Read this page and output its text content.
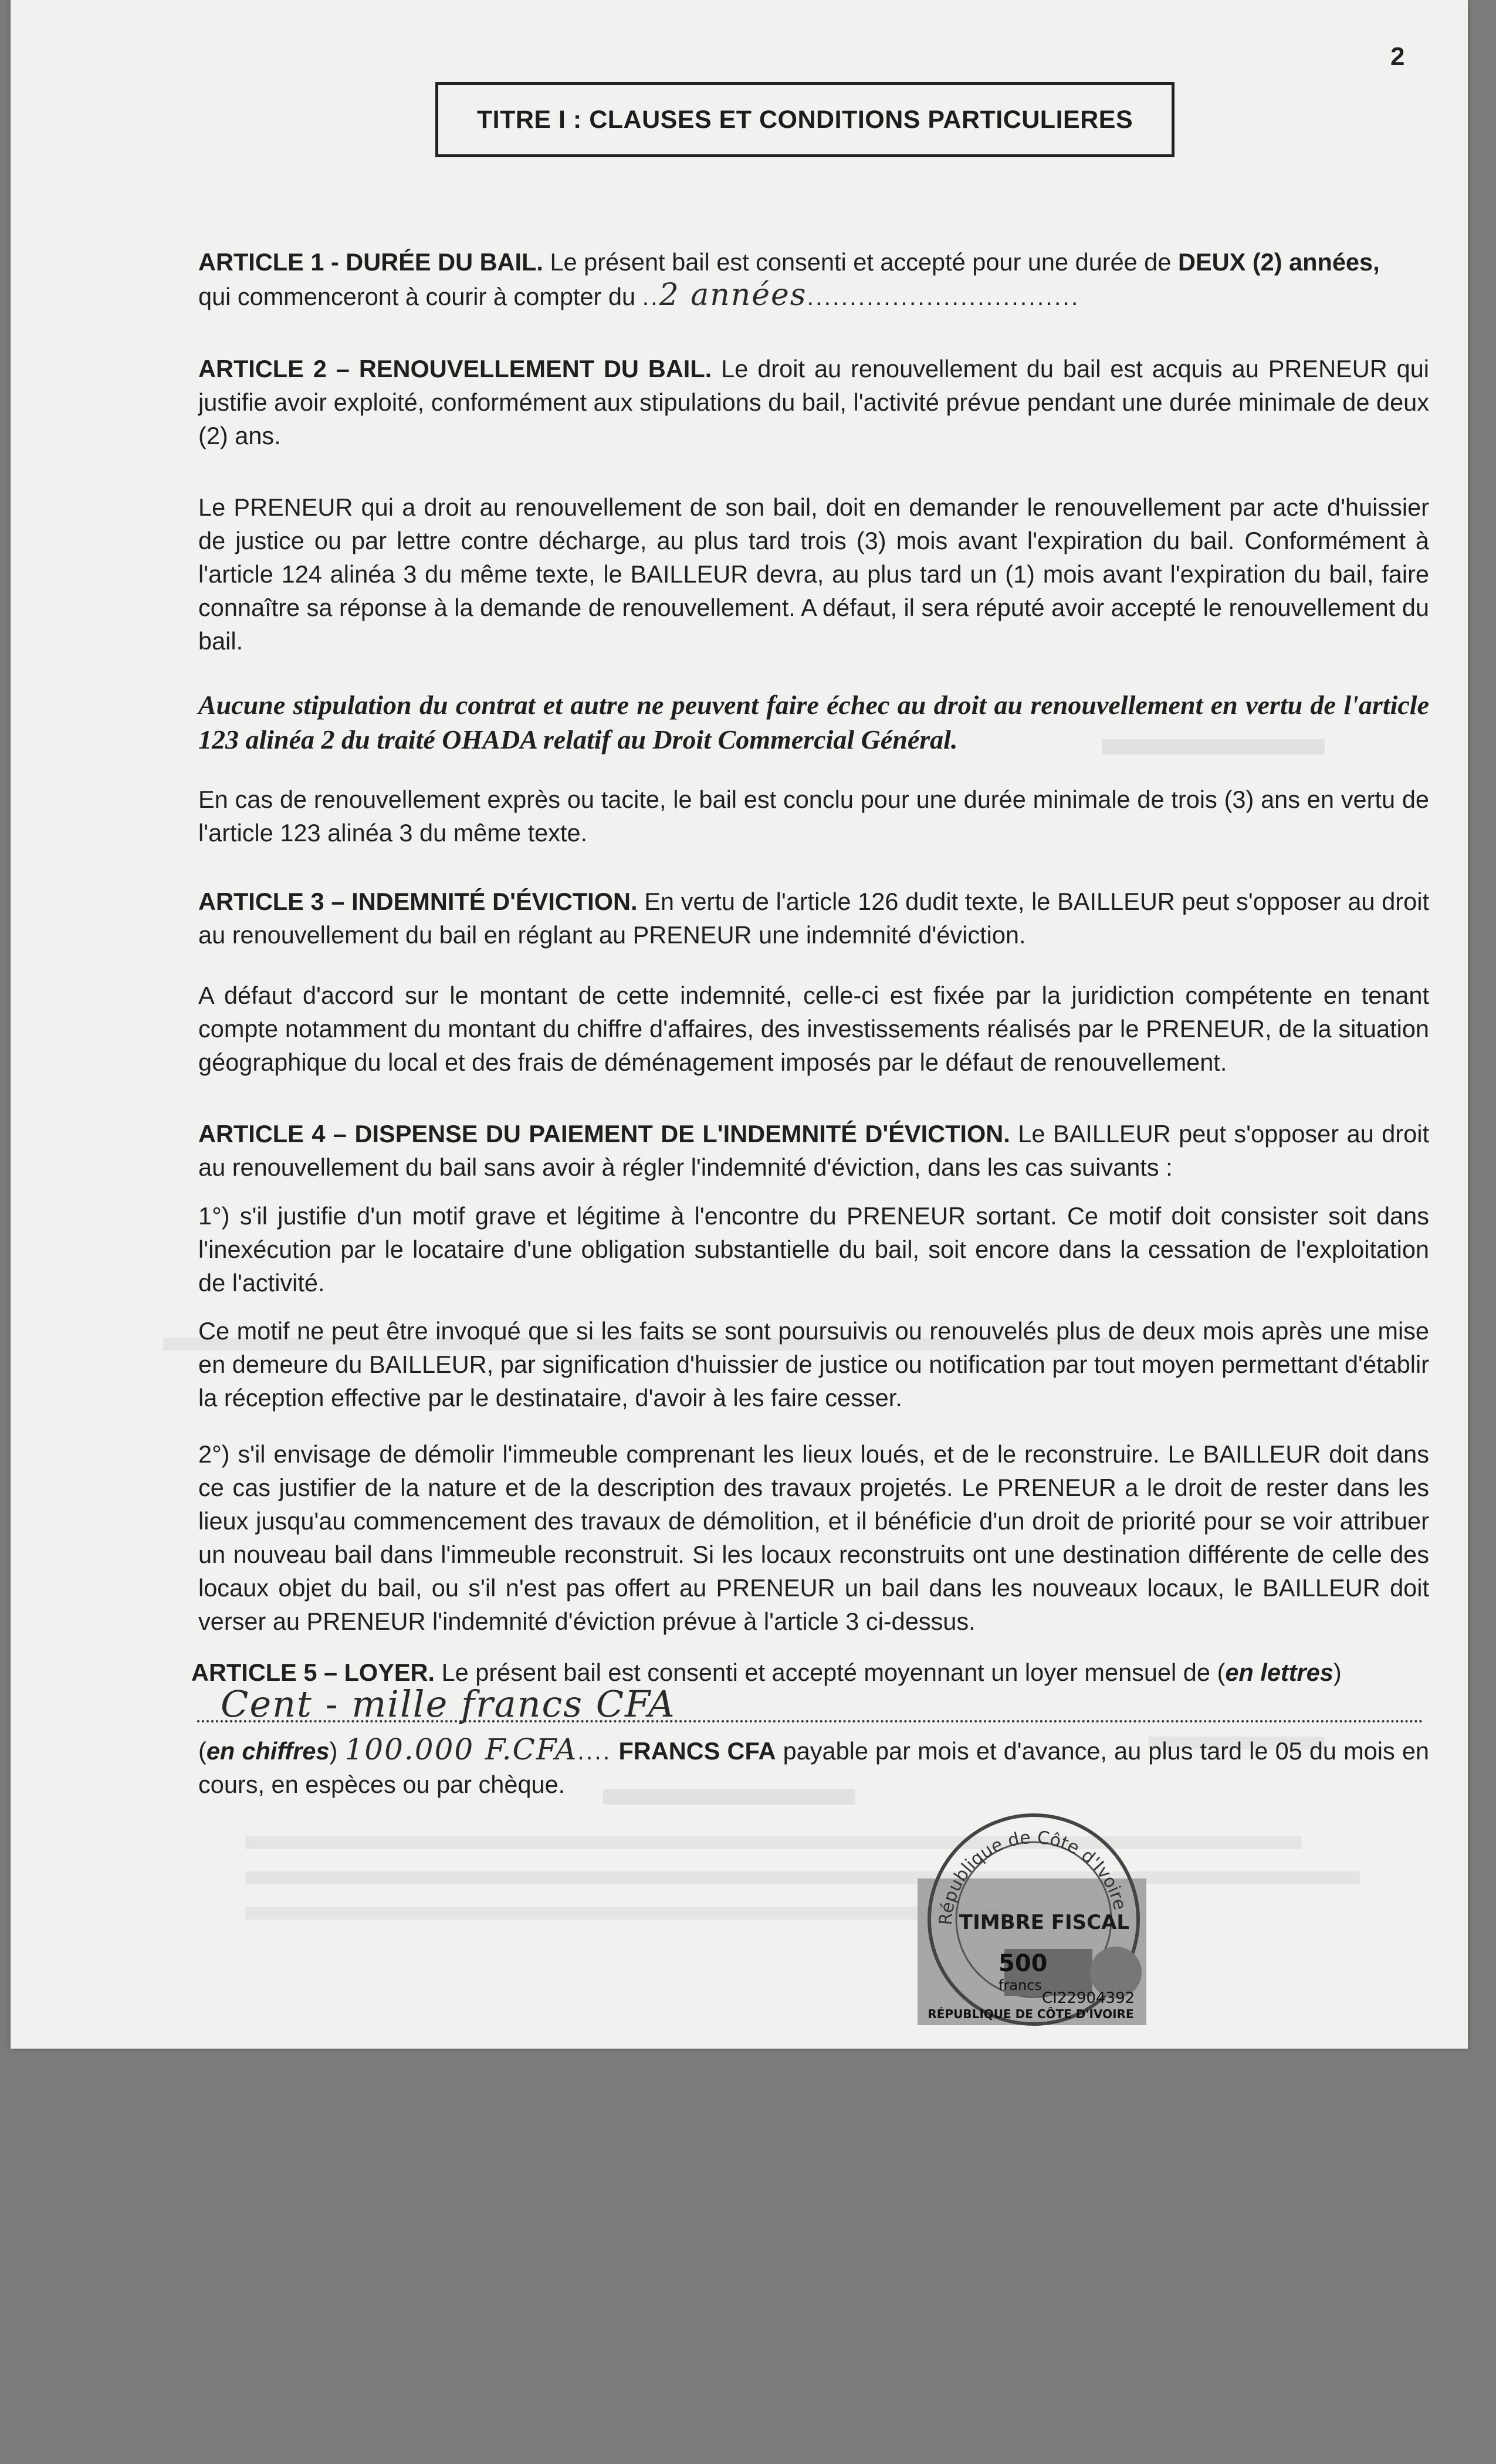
2
TITRE I : CLAUSES ET CONDITIONS PARTICULIERES
ARTICLE 1 - DURÉE DU BAIL. Le présent bail est consenti et accepté pour une durée de DEUX (2) années,
qui commenceront à courir à compter du ..2 années................................
ARTICLE 2 – RENOUVELLEMENT DU BAIL. Le droit au renouvellement du bail est acquis au PRENEUR qui justifie avoir exploité, conformément aux stipulations du bail, l'activité prévue pendant une durée minimale de deux (2) ans.
Le PRENEUR qui a droit au renouvellement de son bail, doit en demander le renouvellement par acte d'huissier de justice ou par lettre contre décharge, au plus tard trois (3) mois avant l'expiration du bail. Conformément à l'article 124 alinéa 3 du même texte, le BAILLEUR devra, au plus tard un (1) mois avant l'expiration du bail, faire connaître sa réponse à la demande de renouvellement. A défaut, il sera réputé avoir accepté le renouvellement du bail.
Aucune stipulation du contrat et autre ne peuvent faire échec au droit au renouvellement en vertu de l'article 123 alinéa 2 du traité OHADA relatif au Droit Commercial Général.
En cas de renouvellement exprès ou tacite, le bail est conclu pour une durée minimale de trois (3) ans en vertu de l'article 123 alinéa 3 du même texte.
ARTICLE 3 – INDEMNITÉ D'ÉVICTION. En vertu de l'article 126 dudit texte, le BAILLEUR peut s'opposer au droit au renouvellement du bail en réglant au PRENEUR une indemnité d'éviction.
A défaut d'accord sur le montant de cette indemnité, celle-ci est fixée par la juridiction compétente en tenant compte notamment du montant du chiffre d'affaires, des investissements réalisés par le PRENEUR, de la situation géographique du local et des frais de déménagement imposés par le défaut de renouvellement.
ARTICLE 4 – DISPENSE DU PAIEMENT DE L'INDEMNITÉ D'ÉVICTION. Le BAILLEUR peut s'opposer au droit au renouvellement du bail sans avoir à régler l'indemnité d'éviction, dans les cas suivants :
1°) s'il justifie d'un motif grave et légitime à l'encontre du PRENEUR sortant. Ce motif doit consister soit dans l'inexécution par le locataire d'une obligation substantielle du bail, soit encore dans la cessation de l'exploitation de l'activité.
Ce motif ne peut être invoqué que si les faits se sont poursuivis ou renouvelés plus de deux mois après une mise en demeure du BAILLEUR, par signification d'huissier de justice ou notification par tout moyen permettant d'établir la réception effective par le destinataire, d'avoir à les faire cesser.
2°) s'il envisage de démolir l'immeuble comprenant les lieux loués, et de le reconstruire. Le BAILLEUR doit dans ce cas justifier de la nature et de la description des travaux projetés. Le PRENEUR a le droit de rester dans les lieux jusqu'au commencement des travaux de démolition, et il bénéficie d'un droit de priorité pour se voir attribuer un nouveau bail dans l'immeuble reconstruit. Si les locaux reconstruits ont une destination différente de celle des locaux objet du bail, ou s'il n'est pas offert au PRENEUR un bail dans les nouveaux locaux, le BAILLEUR doit verser au PRENEUR l'indemnité d'éviction prévue à l'article 3 ci-dessus.
ARTICLE 5 – LOYER. Le présent bail est consenti et accepté moyennant un loyer mensuel de (en lettres)
Cent - mille francs CFA
(en chiffres) 100.000 F.CFA.... FRANCS CFA payable par mois et d'avance, au plus tard le 05 du mois en cours, en espèces ou par chèque.
République de Côte d'Ivoire
TIMBRE FISCAL
500
francs
CI22904392
RÉPUBLIQUE DE CÔTE D'IVOIRE
